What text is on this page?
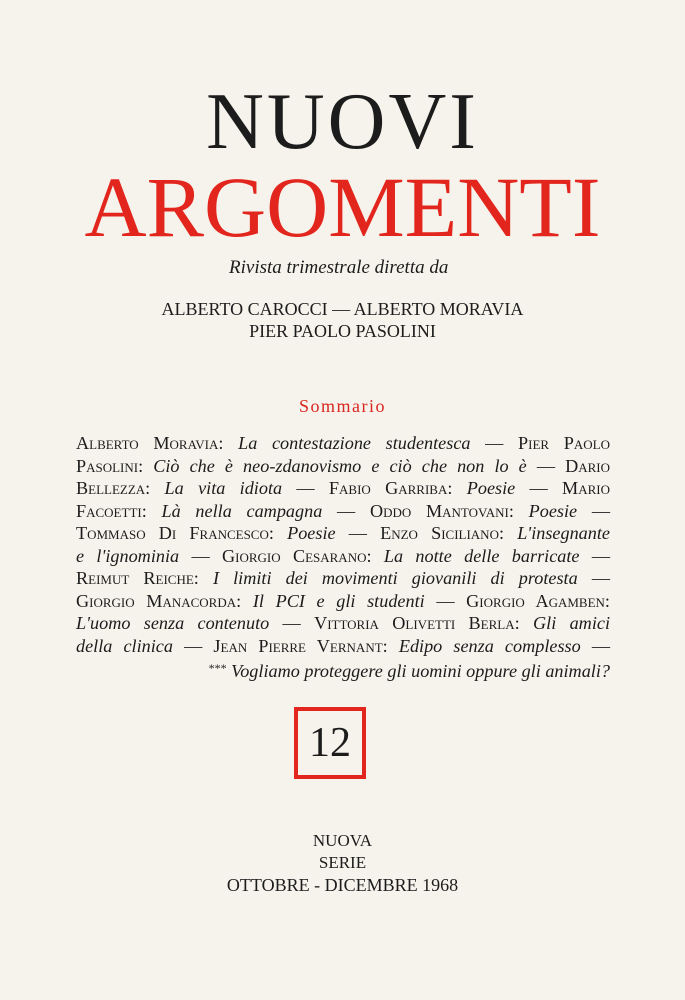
NUOVI
ARGOMENTI
Rivista trimestrale diretta da
ALBERTO CAROCCI — ALBERTO MORAVIA
PIER PAOLO PASOLINI
Sommario
Alberto Moravia: La contestazione studentesca — Pier Paolo
Pasolini: Ciò che è neo-zdanovismo e ciò che non lo è — Dario
Bellezza: La vita idiota — Fabio Garriba: Poesie — Mario
Facoetti: Là nella campagna — Oddo Mantovani: Poesie —
Tommaso Di Francesco: Poesie — Enzo Siciliano: L'insegnante
e l'ignominia — Giorgio Cesarano: La notte delle barricate —
Reimut Reiche: I limiti dei movimenti giovanili di protesta —
Giorgio Manacorda: Il PCI e gli studenti — Giorgio Agamben:
L'uomo senza contenuto — Vittoria Olivetti Berla: Gli amici
della clinica — Jean Pierre Vernant: Edipo senza complesso —
*** Vogliamo proteggere gli uomini oppure gli animali?
12
NUOVA
SERIE
OTTOBRE - DICEMBRE 1968
